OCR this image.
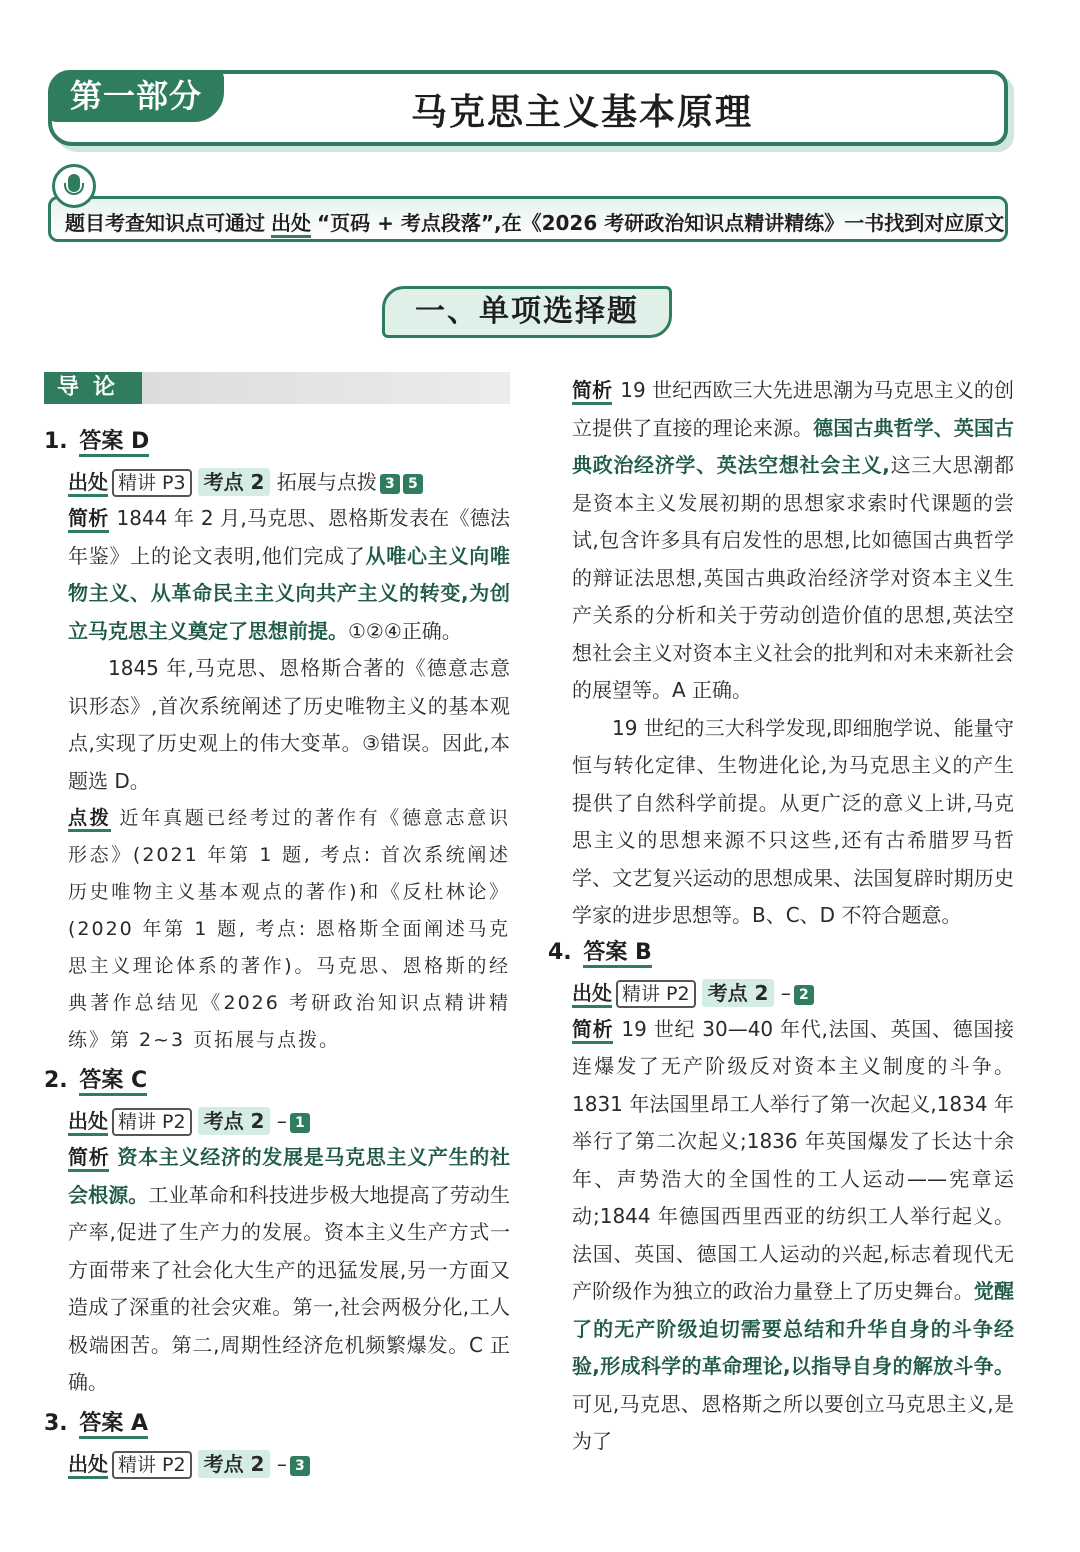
第一部分	马克思主义基本原理
题目考查知识点可通过 出处 “页码 + 考点段落”,在《2026 考研政治知识点精讲精练》一书找到对应原文
一、单项选择题
导论
1. 答案 D
出处 精讲 P3 考点 2 拓展与点拨 3 5

简析 1844 年 2 月,马克思、恩格斯发表在《德法年鉴》上的论文表明,他们完成了从唯心主义向唯物主义、从革命民主主义向共产主义的转变,为创立马克思主义奠定了思想前提。①②④正确。

1845 年,马克思、恩格斯合著的《德意志意识形态》,首次系统阐述了历史唯物主义的基本观点,实现了历史观上的伟大变革。③错误。因此,本题选 D。

点拨 近年真题已经考过的著作有《德意志意识形态》(2021 年第 1 题, 考点: 首次系统阐述历史唯物主义基本观点的著作)和《反杜林论》(2020 年第 1 题, 考点: 恩格斯全面阐述马克思主义理论体系的著作)。马克思、恩格斯的经典著作总结见《2026 考研政治知识点精讲精练》第 2~3 页拓展与点拨。

2. 答案 C
出处 精讲 P2 考点 2 – 1

简析 资本主义经济的发展是马克思主义产生的社会根源。工业革命和科技进步极大地提高了劳动生产率,促进了生产力的发展。资本主义生产方式一方面带来了社会化大生产的迅猛发展,另一方面又造成了深重的社会灾难。第一,社会两极分化,工人极端困苦。第二,周期性经济危机频繁爆发。C 正确。

3. 答案 A
出处 精讲 P2 考点 2 – 3

简析 19 世纪西欧三大先进思潮为马克思主义的创立提供了直接的理论来源。德国古典哲学、英国古典政治经济学、英法空想社会主义,这三大思潮都是资本主义发展初期的思想家求索时代课题的尝试,包含许多具有启发性的思想,比如德国古典哲学的辩证法思想,英国古典政治经济学对资本主义生产关系的分析和关于劳动创造价值的思想,英法空想社会主义对资本主义社会的批判和对未来新社会的展望等。A 正确。

19 世纪的三大科学发现,即细胞学说、能量守恒与转化定律、生物进化论,为马克思主义的产生提供了自然科学前提。从更广泛的意义上讲,马克思主义的思想来源不只这些,还有古希腊罗马哲学、文艺复兴运动的思想成果、法国复辟时期历史学家的进步思想等。B、C、D 不符合题意。

4. 答案 B
出处 精讲 P2 考点 2 – 2

简析 19 世纪 30—40 年代,法国、英国、德国接连爆发了无产阶级反对资本主义制度的斗争。1831 年法国里昂工人举行了第一次起义,1834 年举行了第二次起义;1836 年英国爆发了长达十余年、声势浩大的全国性的工人运动——宪章运动;1844 年德国西里西亚的纺织工人举行起义。法国、英国、德国工人运动的兴起,标志着现代无产阶级作为独立的政治力量登上了历史舞台。觉醒了的无产阶级迫切需要总结和升华自身的斗争经验,形成科学的革命理论,以指导自身的解放斗争。可见,马克思、恩格斯之所以要创立马克思主义,是为了
